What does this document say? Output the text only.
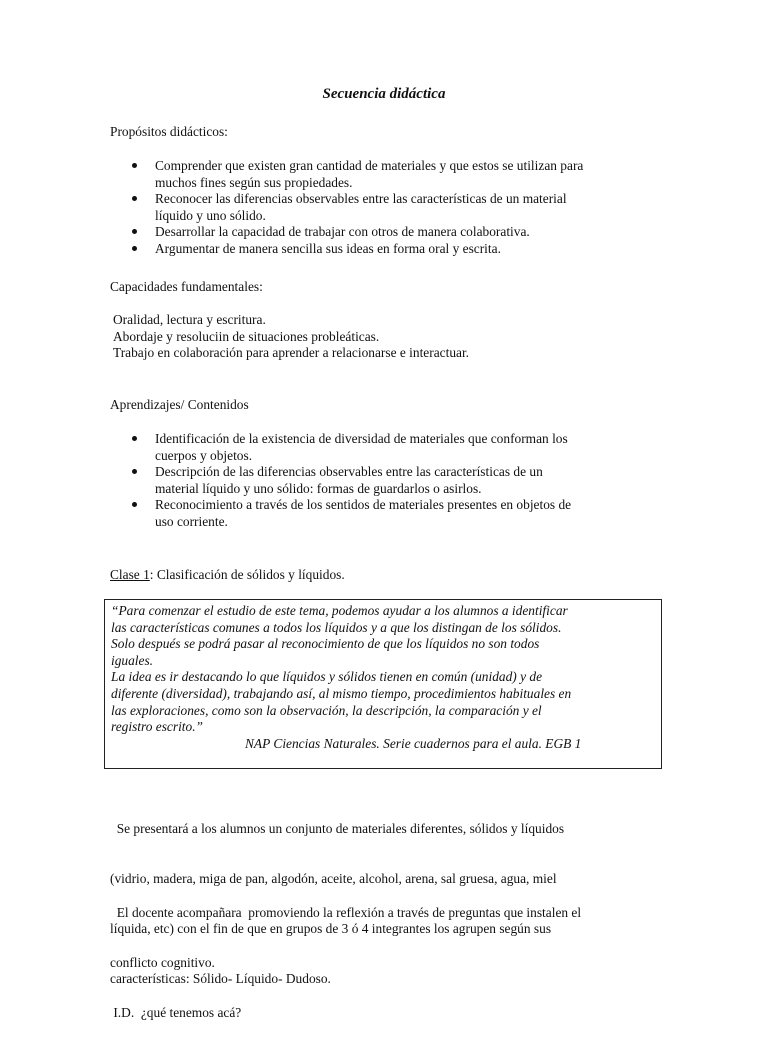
Secuencia didáctica
Propósitos didácticos:
Comprender que existen gran cantidad de materiales y que estos se utilizan para
muchos fines según sus propiedades.
Reconocer las diferencias observables entre las características de un material
líquido y uno sólido.
Desarrollar la capacidad de trabajar con otros de manera colaborativa.
Argumentar de manera sencilla sus ideas en forma oral y escrita.
Capacidades fundamentales:
Oralidad, lectura y escritura.
Abordaje y resoluciin de situaciones probleáticas.
Trabajo en colaboración para aprender a relacionarse e interactuar.
Aprendizajes/ Contenidos
Identificación de la existencia de diversidad de materiales que conforman los
cuerpos y objetos.
Descripción de las diferencias observables entre las características de un
material líquido y uno sólido: formas de guardarlos o asirlos.
Reconocimiento a través de los sentidos de materiales presentes en objetos de
uso corriente.
Clase 1: Clasificación de sólidos y líquidos.
“Para comenzar el estudio de este tema, podemos ayudar a los alumnos a identificar
las características comunes a todos los líquidos y a que los distingan de los sólidos.
Solo después se podrá pasar al reconocimiento de que los líquidos no son todos
iguales.
La idea es ir destacando lo que líquidos y sólidos tienen en común (unidad) y de
diferente (diversidad), trabajando así, al mismo tiempo, procedimientos habituales en
las exploraciones, como son la observación, la descripción, la comparación y el
registro escrito.”
NAP Ciencias Naturales. Serie cuadernos para el aula. EGB 1

Se presentará a los alumnos un conjunto de materiales diferentes, sólidos y líquidos

(vidrio, madera, miga de pan, algodón, aceite, alcohol, arena, sal gruesa, agua, miel

líquida, etc) con el fin de que en grupos de 3 ó 4 integrantes los agrupen según sus

características: Sólido- Líquido- Dudoso.

El docente acompañara  promoviendo la reflexión a través de preguntas que instalen el

conflicto cognitivo.

I.D.  ¿qué tenemos acá?
